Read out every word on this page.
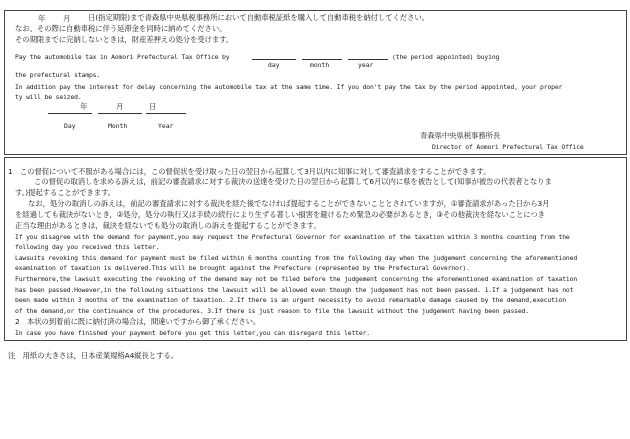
年 月 日(指定期限)まで青森県中央県税事務所において自動車税証紙を購入して自動車税を納付してください。
なお、その際に自動車税に伴う延滞金を同時に納めてください。
その期限までに完納しないときは，財産差押えの処分を受けます。
Pay the automobile tax in Aomori Prefectural Tax Office by	(the period appointed) buying
day	month	year
the prefectural stamps.
In addition pay the interest for delay concerning the automobile tax at the same time. If you don't pay the tax by the period appointed, your proper
ty will be seized.
年	月	日
Day	Month	Year
青森県中央県税事務所長
Director of Aomori Prefectural Tax Office
1　この督促について不服がある場合には，この督促状を受け取った日の翌日から起算して3月以内に知事に対して審査請求をすることができます。
この督促の取消しを求める訴えは，前記の審査請求に対する裁決の送達を受けた日の翌日から起算して6月以内に県を被告として(知事が被告の代表者となりま
す。)提起することができます。
なお，処分の取消しの訴えは，前記の審査請求に対する裁決を経た後でなければ提起することができないこととされていますが，①審査請求があった日から3月
を経過しても裁決がないとき，②処分，処分の執行又は手続の続行により生ずる著しい損害を避けるため緊急の必要があるとき，③その他裁決を経ないことにつき
正当な理由があるときは，裁決を経ないでも処分の取消しの訴えを提起することができます。
If you disagree with the demand for payment,you may request the Prefectural Governor for examination of the taxation within 3 months counting from the
following day you received this letter.
Lawsuits revoking this demand for payment must be filed within 6 months counting from the following day when the judgement concerning the aforementioned
examination of taxation is delivered.This will be brought against the Prefecture (represented by the Prefectural Governor).
Furthermore,the lawsuit executing the revoking of the demand may not be filed before the judgement concerning the aforementioned examination of taxation
has been passed.However,in the following situations the lawsuit will be allowed even though the judgement has not been passed. 1.If a judgement has not
been made within 3 months of the examination of taxation. 2.If there is an urgent necessity to avoid remarkable damage caused by the demand,execution
of the demand,or the continuance of the procedures. 3.If there is just reason to file the lawsuit without the judgement having been passed.
2　本状の到着前に既に納付済の場合は，間違いですから御了承ください。
In case you have finished your payment before you get this letter,you can disregard this letter.
注　用紙の大きさは，日本産業規格A4縦長とする。
